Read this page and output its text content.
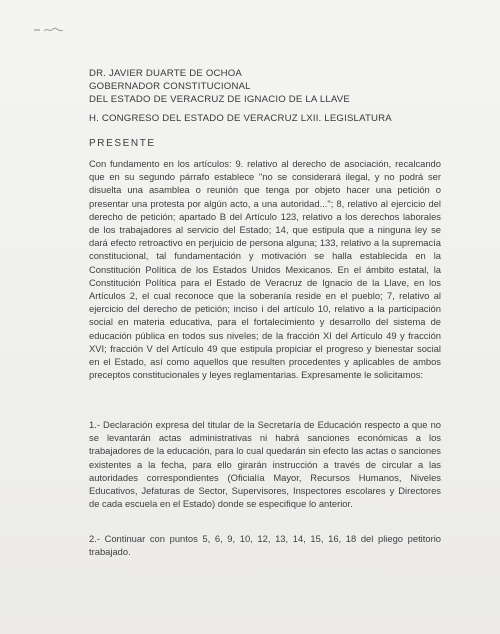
DR. JAVIER DUARTE DE OCHOA
GOBERNADOR CONSTITUCIONAL
DEL ESTADO DE VERACRUZ DE IGNACIO DE LA LLAVE
H. CONGRESO DEL ESTADO DE VERACRUZ LXII. LEGISLATURA
PRESENTE

Con fundamento en los artículos: 9. relativo al derecho de asociación, recalcando que en su segundo párrafo establece "no se considerará ilegal, y no podrá ser disuelta una asamblea o reunión que tenga por objeto hacer una petición o presentar una protesta por algún acto, a una autoridad..."; 8, relativo al ejercicio del derecho de petición; apartado B del Artículo 123, relativo a los derechos laborales de los trabajadores al servicio del Estado; 14, que estipula que a ninguna ley se dará efecto retroactivo en perjuicio de persona alguna; 133, relativo a la supremacía constitucional, tal fundamentación y motivación se halla establecida en la Constitución Política de los Estados Unidos Mexicanos. En el ámbito estatal, la Constitución Política para el Estado de Veracruz de Ignacio de la Llave, en los Artículos 2, el cual reconoce que la soberanía reside en el pueblo; 7, relativo al ejercicio del derecho de petición; inciso i del artículo 10, relativo a la participación social en materia educativa, para el fortalecimiento y desarrollo del sistema de educación pública en todos sus niveles; de la fracción XI del Artículo 49 y fracción XVI; fracción V del Artículo 49 que estipula propiciar el progreso y bienestar social en el Estado, así como aquellos que resulten procedentes y aplicables de ambos preceptos constitucionales y leyes reglamentarias. Expresamente le solicitamos:

1.- Declaración expresa del titular de la Secretaría de Educación respecto a que no se levantarán actas administrativas ni habrá sanciones económicas a los trabajadores de la educación, para lo cual quedarán sin efecto las actas o sanciones existentes a la fecha, para ello girarán instrucción a través de circular a las autoridades correspondientes (Oficialía Mayor, Recursos Humanos, Niveles Educativos, Jefaturas de Sector, Supervisores, Inspectores escolares y Directores de cada escuela en el Estado) donde se especifique lo anterior.

2.- Continuar con puntos 5, 6, 9, 10, 12, 13, 14, 15, 16, 18 del pliego petitorio trabajado.
